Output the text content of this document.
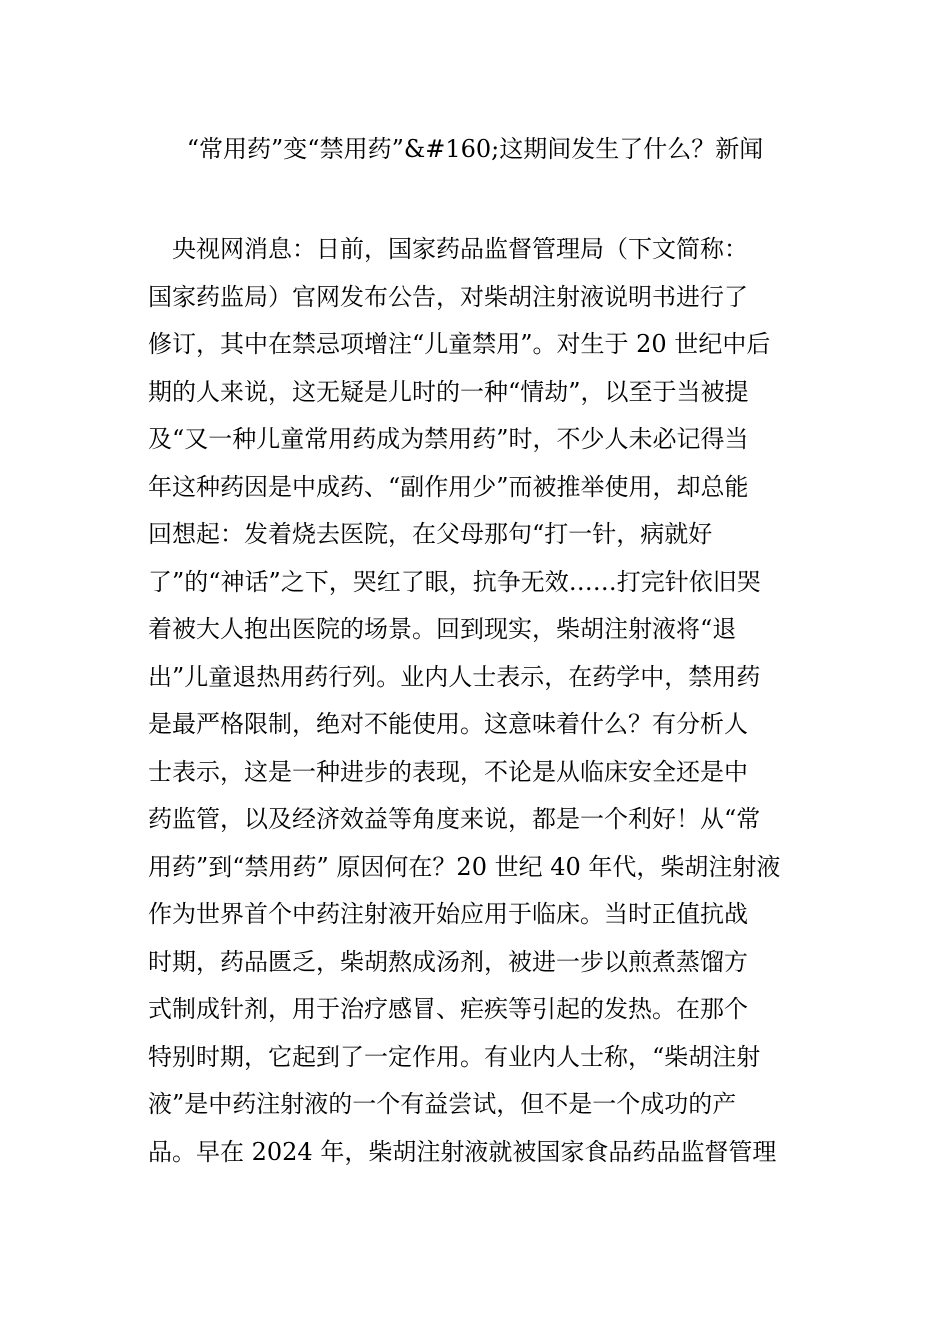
“常用药”变“禁用药”&#160;这期间发生了什么？新闻
　央视网消息：日前，国家药品监督管理局（下文简称：
国家药监局）官网发布公告，对柴胡注射液说明书进行了
修订，其中在禁忌项增注“儿童禁用”。对生于 20 世纪中后
期的人来说，这无疑是儿时的一种“情劫”，以至于当被提
及“又一种儿童常用药成为禁用药”时，不少人未必记得当
年这种药因是中成药、“副作用少”而被推举使用，却总能
回想起：发着烧去医院，在父母那句“打一针，病就好
了”的“神话”之下，哭红了眼，抗争无效……打完针依旧哭
着被大人抱出医院的场景。回到现实，柴胡注射液将“退
出”儿童退热用药行列。业内人士表示，在药学中，禁用药
是最严格限制，绝对不能使用。这意味着什么？有分析人
士表示，这是一种进步的表现，不论是从临床安全还是中
药监管，以及经济效益等角度来说，都是一个利好！从“常
用药”到“禁用药” 原因何在？20 世纪 40 年代，柴胡注射液
作为世界首个中药注射液开始应用于临床。当时正值抗战
时期，药品匮乏，柴胡熬成汤剂，被进一步以煎煮蒸馏方
式制成针剂，用于治疗感冒、疟疾等引起的发热。在那个
特别时期，它起到了一定作用。有业内人士称，“柴胡注射
液”是中药注射液的一个有益尝试，但不是一个成功的产
品。早在 2024 年，柴胡注射液就被国家食品药品监督管理
